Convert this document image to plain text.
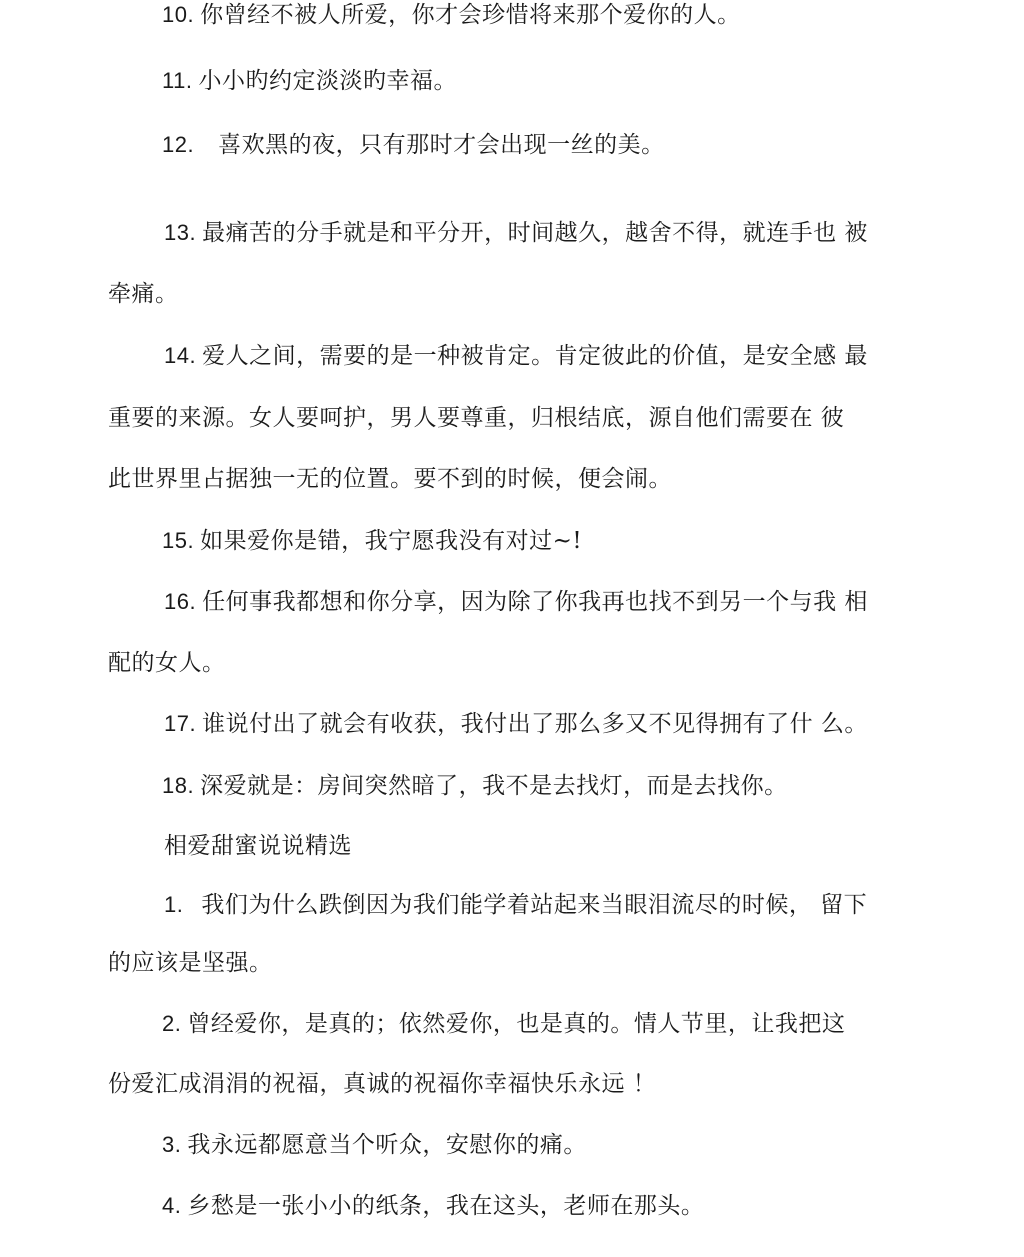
10. 你曾经不被人所爱，你才会珍惜将来那个爱你的人。
11. 小小旳约定淡淡旳幸福。
12. 喜欢黑的夜，只有那时才会出现一丝的美。
13. 最痛苦的分手就是和平分开，时间越久，越舍不得，就连手也 被
牵痛。
14. 爱人之间，需要的是一种被肯定。肯定彼此的价值，是安全感 最
重要的来源。女人要呵护，男人要尊重，归根结底，源自他们需要在 彼
此世界里占据独一无的位置。要不到的时候，便会闹。
15. 如果爱你是错，我宁愿我没有对过~!
16. 任何事我都想和你分享，因为除了你我再也找不到另一个与我 相
配的女人。
17. 谁说付出了就会有收获，我付出了那么多又不见得拥有了什 么。
18. 深爱就是：房间突然暗了，我不是去找灯，而是去找你。
相爱甜蜜说说精选
1. 我们为什么跌倒因为我们能学着站起来当眼泪流尽的时候， 留下
的应该是坚强。
2. 曾经爱你，是真的；依然爱你，也是真的。情人节里，让我把这
份爱汇成涓涓的祝福，真诚的祝福你幸福快乐永远 ！
3. 我永远都愿意当个听众，安慰你的痛。
4. 乡愁是一张小小的纸条，我在这头，老师在那头。
